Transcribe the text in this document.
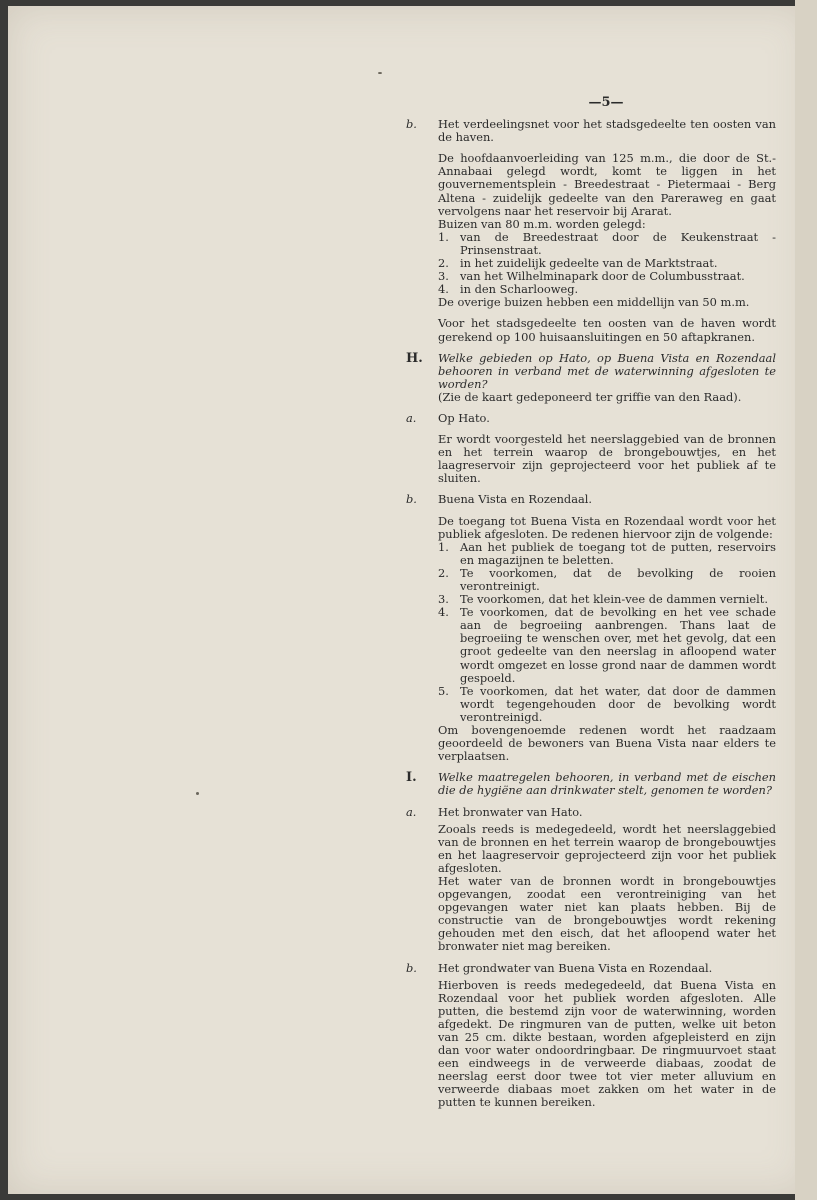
—5—
b.	Het verdeelingsnet voor het stadsgedeelte ten oosten van de haven.

De hoofdaanvoerleiding van 125 m.m., die door de St.-Annabaai gelegd wordt, komt te liggen in het gouvernementsplein - Breedestraat - Pietermaai - Berg Altena - zuidelijk gedeelte van den Pareraweg en gaat vervolgens naar het reservoir bij Ararat.

Buizen van 80 m.m. worden gelegd:

1. van de Breedestraat door de Keukenstraat - Prinsenstraat.
2. in het zuidelijk gedeelte van de Marktstraat.
3. van het Wilhelminapark door de Columbusstraat.
4. in den Scharlooweg.

De overige buizen hebben een middellijn van 50 m.m.

Voor het stadsgedeelte ten oosten van de haven wordt gerekend op 100 huisaansluitingen en 50 aftapkranen.

H.	Welke gebieden op Hato, op Buena Vista en Rozendaal behooren in verband met de waterwinning afgesloten te worden?

(Zie de kaart gedeponeerd ter griffie van den Raad).

a.	Op Hato.

Er wordt voorgesteld het neerslaggebied van de bronnen en het terrein waarop de brongebouwtjes, en het laagreservoir zijn geprojecteerd voor het publiek af te sluiten.

b.	Buena Vista en Rozendaal.

De toegang tot Buena Vista en Rozendaal wordt voor het publiek afgesloten. De redenen hiervoor zijn de volgende:

1. Aan het publiek de toegang tot de putten, reservoirs en magazijnen te beletten.
2. Te voorkomen, dat de bevolking de rooien verontreinigt.
3. Te voorkomen, dat het klein-vee de dammen vernielt.
4. Te voorkomen, dat de bevolking en het vee schade aan de begroeiing aanbrengen. Thans laat de begroeiing te wenschen over, met het gevolg, dat een groot gedeelte van den neerslag in afloopend water wordt omgezet en losse grond naar de dammen wordt gespoeld.
5. Te voorkomen, dat het water, dat door de dammen wordt tegengehouden door de bevolking wordt verontreinigd.

Om bovengenoemde redenen wordt het raadzaam geoordeeld de bewoners van Buena Vista naar elders te verplaatsen.

I.	Welke maatregelen behooren, in verband met de eischen die de hygiëne aan drinkwater stelt, genomen te worden?

a.	Het bronwater van Hato.

Zooals reeds is medegedeeld, wordt het neerslaggebied van de bronnen en het terrein waarop de brongebouwtjes en het laagreservoir geprojecteerd zijn voor het publiek afgesloten.

Het water van de bronnen wordt in brongebouwtjes opgevangen, zoodat een verontreiniging van het opgevangen water niet kan plaats hebben. Bij de constructie van de brongebouwtjes wordt rekening gehouden met den eisch, dat het afloopend water het bronwater niet mag bereiken.

b.	Het grondwater van Buena Vista en Rozendaal.

Hierboven is reeds medegedeeld, dat Buena Vista en Rozendaal voor het publiek worden afgesloten. Alle putten, die bestemd zijn voor de waterwinning, worden afgedekt. De ringmuren van de putten, welke uit beton van 25 cm. dikte bestaan, worden afgepleisterd en zijn dan voor water ondoordringbaar. De ringmuurvoet staat een eindweegs in de verweerde diabaas, zoodat de neerslag eerst door twee tot vier meter alluvium en verweerde diabaas moet zakken om het water in de putten te kunnen bereiken.
